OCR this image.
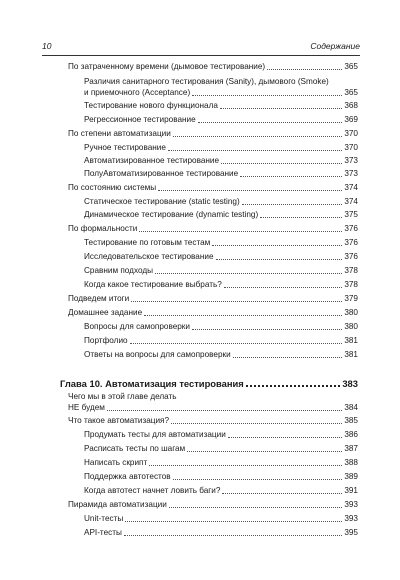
10	Содержание
По затраченному времени (дымовое тестирование)	365
Различия санитарного тестирования (Sanity), дымового (Smoke)
и приемочного (Acceptance)	365
Тестирование нового функционала	368
Регрессионное тестирование	369
По степени автоматизации	370
Ручное тестирование	370
Автоматизированное тестирование	373
ПолуАвтоматизированное тестирование	373
По состоянию системы	374
Статическое тестирование (static testing)	374
Динамическое тестирование (dynamic testing)	375
По формальности	376
Тестирование по готовым тестам	376
Исследовательское тестирование	376
Сравним подходы	378
Когда какое тестирование выбрать?	378
Подведем итоги	379
Домашнее задание	380
Вопросы для самопроверки	380
Портфолио	381
Ответы на вопросы для самопроверки	381
Глава 10. Автоматизация тестирования	383
Чего мы в этой главе делать
НЕ будем	384
Что такое автоматизация?	385
Продумать тесты для автоматизации	386
Расписать тесты по шагам	387
Написать скрипт	388
Поддержка автотестов	389
Когда автотест начнет ловить баги?	391
Пирамида автоматизации	393
Unit-тесты	393
API-тесты	395
